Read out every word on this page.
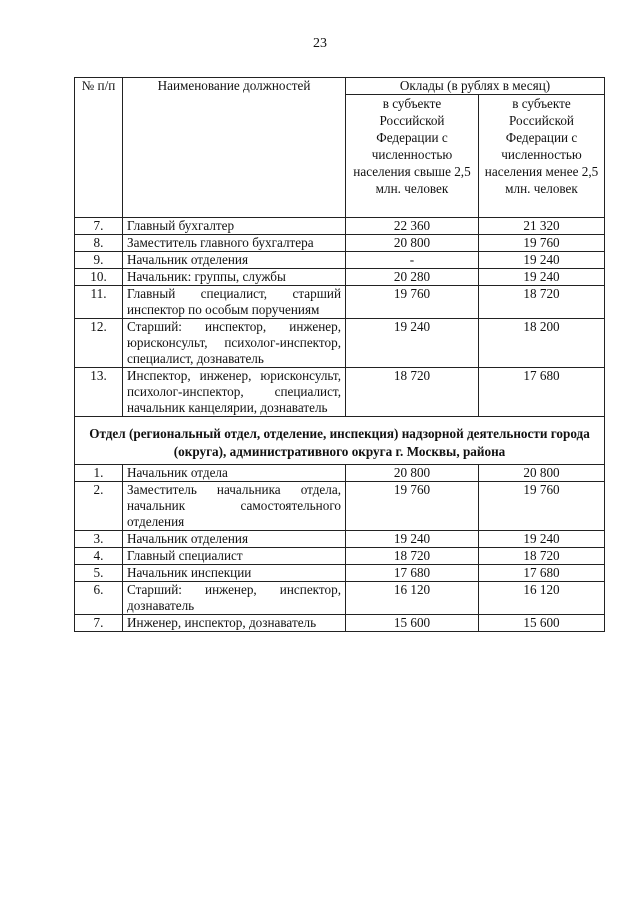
23
№ п/п	Наименование должностей	Оклады (в рублях в месяц)	
		в субъекте Российской Федерации с численностью населения свыше 2,5 млн. человек	в субъекте Российской Федерации с численностью населения менее 2,5 млн. человек
7.	Главный бухгалтер	22 360	21 320
8.	Заместитель главного бухгалтера	20 800	19 760
9.	Начальник отделения	-	19 240
10.	Начальник: группы, службы	20 280	19 240
11.	Главный специалист, старший инспектор по особым поручениям	19 760	18 720
12.	Старший: инспектор, инженер, юрисконсульт, психолог-инспектор, специалист, дознаватель	19 240	18 200
13.	Инспектор, инженер, юрисконсульт, психолог-инспектор, специалист, начальник канцелярии, дознаватель	18 720	17 680
Отдел (региональный отдел, отделение, инспекция) надзорной деятельности города (округа), административного округа г. Москвы, района			
1.	Начальник отдела	20 800	20 800
2.	Заместитель начальника отдела, начальник самостоятельного отделения	19 760	19 760
3.	Начальник отделения	19 240	19 240
4.	Главный специалист	18 720	18 720
5.	Начальник инспекции	17 680	17 680
6.	Старший: инженер, инспектор, дознаватель	16 120	16 120
7.	Инженер, инспектор, дознаватель	15 600	15 600
